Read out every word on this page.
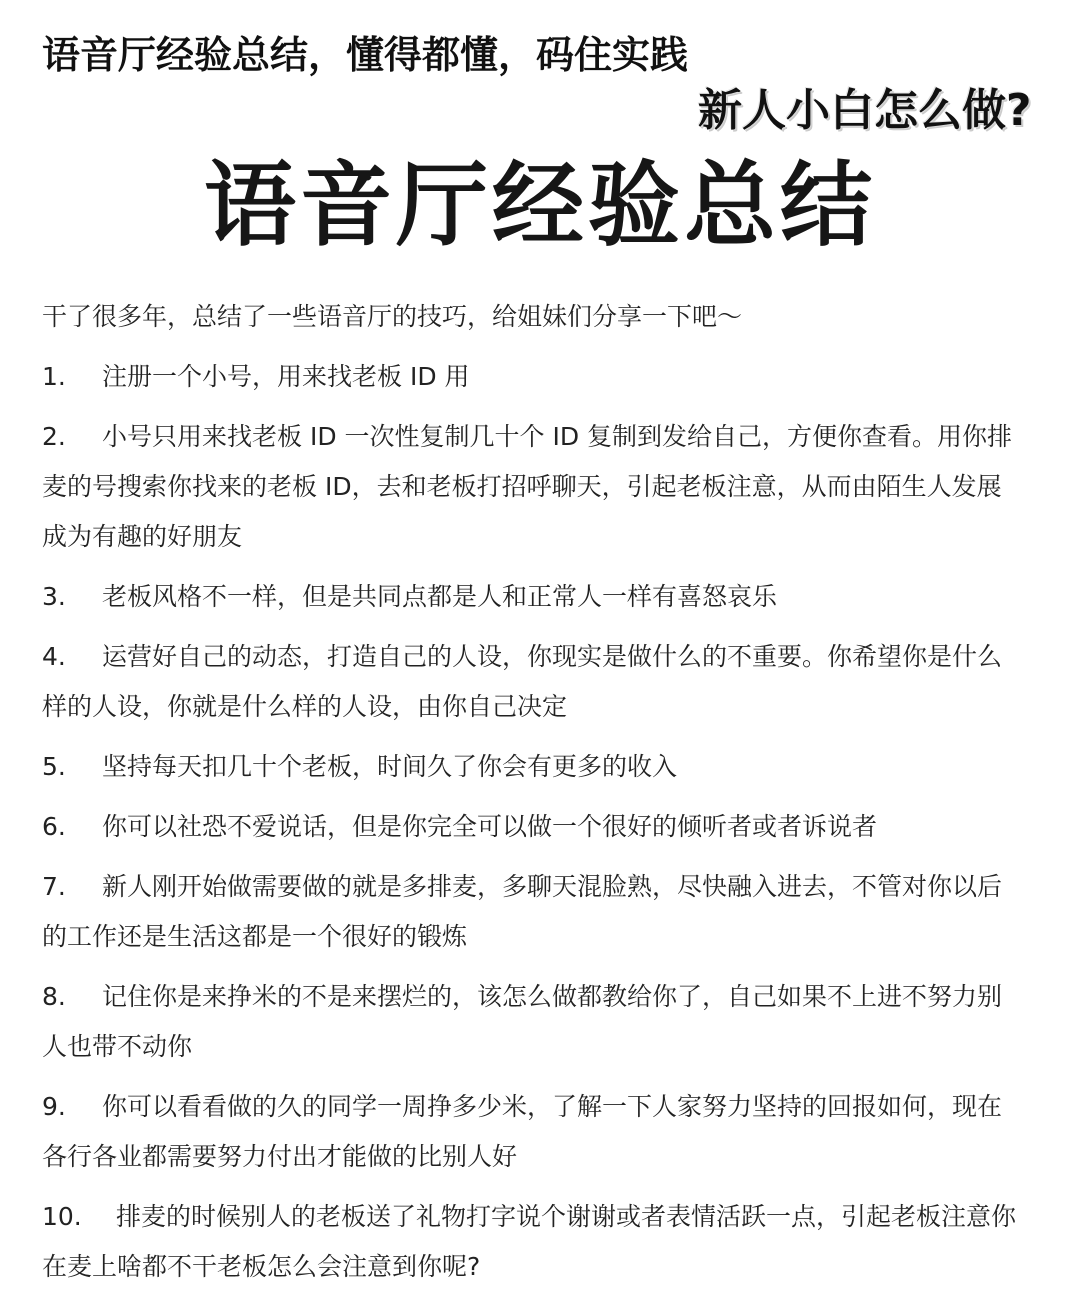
语音厅经验总结，懂得都懂，码住实践
新人小白怎么做?
语音厅经验总结
干了很多年，总结了一些语音厅的技巧，给姐妹们分享一下吧～
1. 注册一个小号，用来找老板 ID 用
2. 小号只用来找老板 ID 一次性复制几十个 ID 复制到发给自己，方便你查看。用你排麦的号搜索你找来的老板 ID，去和老板打招呼聊天，引起老板注意，从而由陌生人发展成为有趣的好朋友
3. 老板风格不一样，但是共同点都是人和正常人一样有喜怒哀乐
4. 运营好自己的动态，打造自己的人设，你现实是做什么的不重要。你希望你是什么样的人设，你就是什么样的人设，由你自己决定
5. 坚持每天扣几十个老板，时间久了你会有更多的收入
6. 你可以社恐不爱说话，但是你完全可以做一个很好的倾听者或者诉说者
7. 新人刚开始做需要做的就是多排麦，多聊天混脸熟，尽快融入进去，不管对你以后的工作还是生活这都是一个很好的锻炼
8. 记住你是来挣米的不是来摆烂的，该怎么做都教给你了，自己如果不上进不努力别人也带不动你
9. 你可以看看做的久的同学一周挣多少米，了解一下人家努力坚持的回报如何，现在各行各业都需要努力付出才能做的比别人好
10. 排麦的时候别人的老板送了礼物打字说个谢谢或者表情活跃一点，引起老板注意你在麦上啥都不干老板怎么会注意到你呢?
